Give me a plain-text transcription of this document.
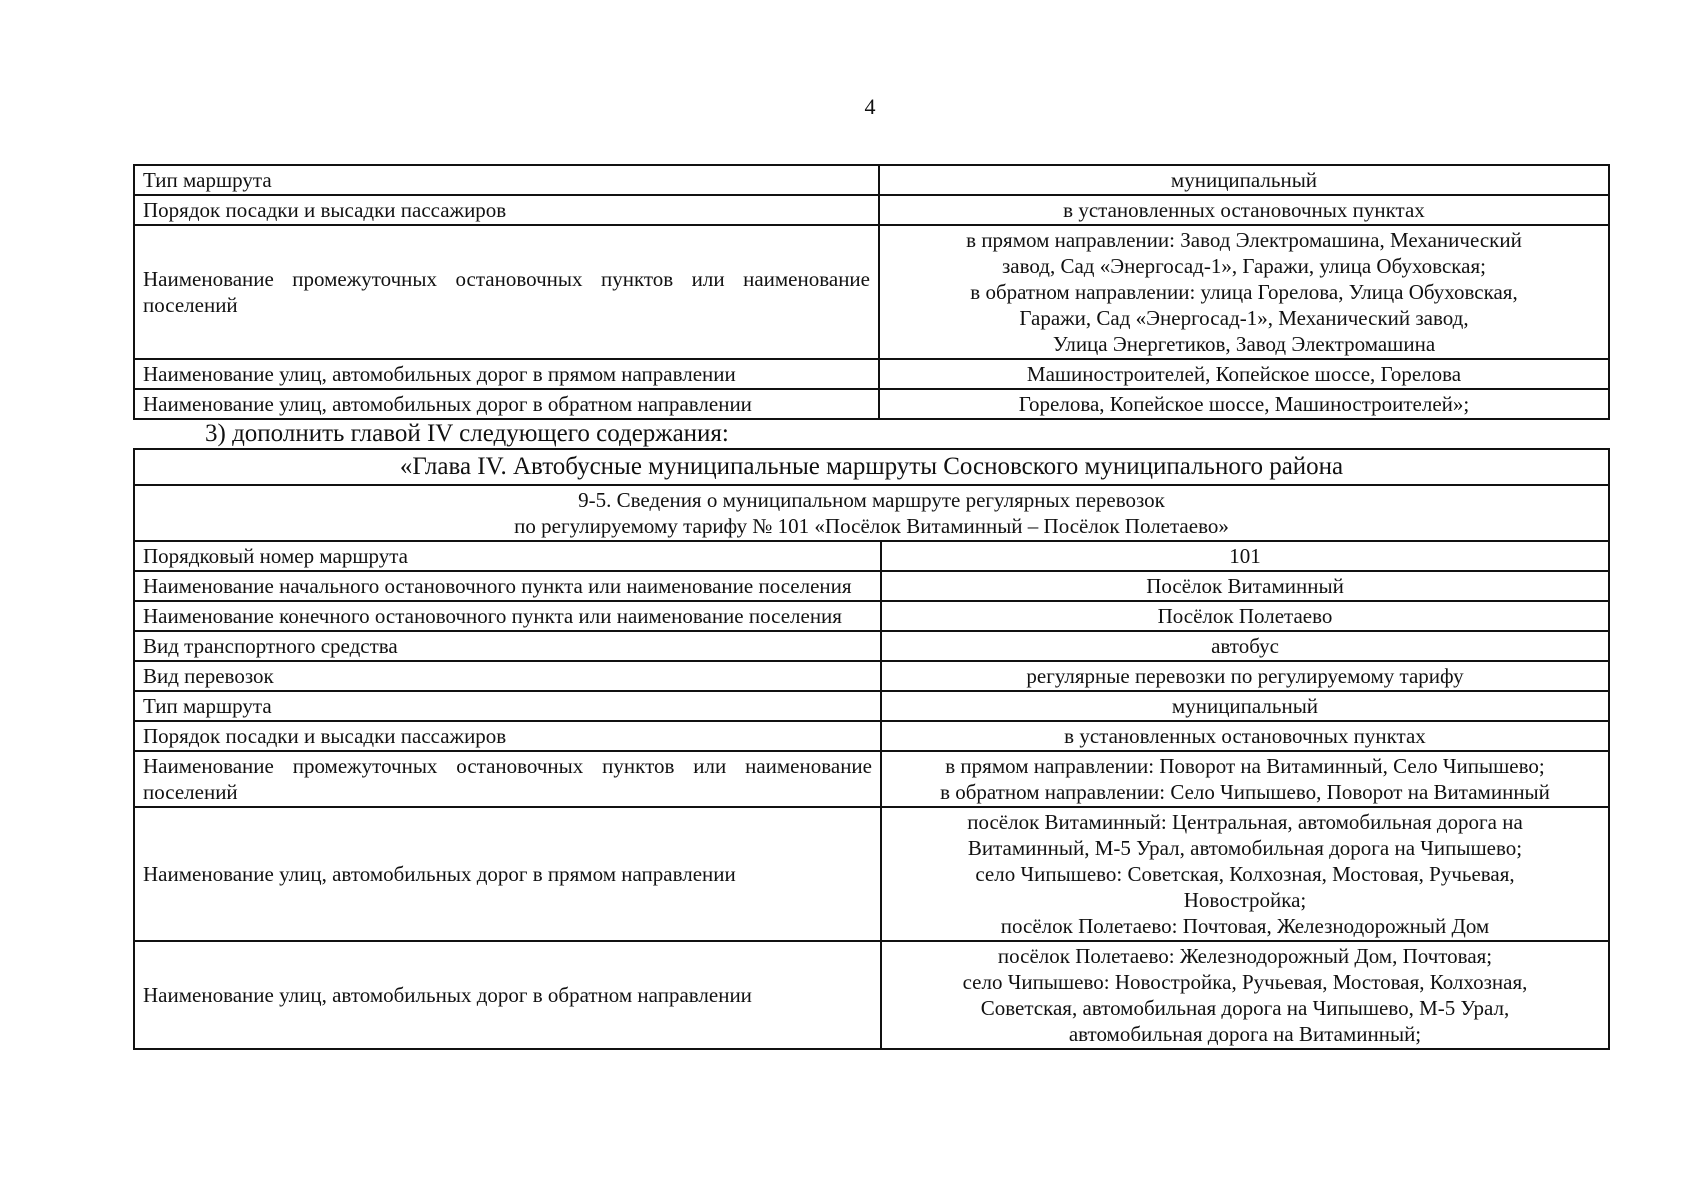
4
Тип маршрута	муниципальный

Порядок посадки и высадки пассажиров	в установленных остановочных пунктах

Наименование промежуточных остановочных пунктов или наименование поселений	в прямом направлении: Завод Электромашина, Механический
завод, Сад «Энергосад-1», Гаражи, улица Обуховская;
в обратном направлении: улица Горелова, Улица Обуховская,
Гаражи, Сад «Энергосад-1», Механический завод,
Улица Энергетиков, Завод Электромашина

Наименование улиц, автомобильных дорог в прямом направлении	Машиностроителей, Копейское шоссе, Горелова

Наименование улиц, автомобильных дорог в обратном направлении	Горелова, Копейское шоссе, Машиностроителей»;
3) дополнить главой IV следующего содержания:
«Глава IV. Автобусные муниципальные маршруты Сосновского муниципального района	

9-5. Сведения о муниципальном маршруте регулярных перевозок
по регулируемому тарифу № 101 «Посёлок Витаминный – Посёлок Полетаево»	

Порядковый номер маршрута	101

Наименование начального остановочного пункта или наименование поселения	Посёлок Витаминный

Наименование конечного остановочного пункта или наименование поселения	Посёлок Полетаево

Вид транспортного средства	автобус

Вид перевозок	регулярные перевозки по регулируемому тарифу

Тип маршрута	муниципальный

Порядок посадки и высадки пассажиров	в установленных остановочных пунктах

Наименование промежуточных остановочных пунктов или наименование поселений	в прямом направлении: Поворот на Витаминный, Село Чипышево;
в обратном направлении: Село Чипышево, Поворот на Витаминный

Наименование улиц, автомобильных дорог в прямом направлении	посёлок Витаминный: Центральная, автомобильная дорога на
Витаминный, М-5 Урал, автомобильная дорога на Чипышево;
село Чипышево: Советская, Колхозная, Мостовая, Ручьевая,
Новостройка;
посёлок Полетаево: Почтовая, Железнодорожный Дом

Наименование улиц, автомобильных дорог в обратном направлении	посёлок Полетаево: Железнодорожный Дом, Почтовая;
село Чипышево: Новостройка, Ручьевая, Мостовая, Колхозная,
Советская, автомобильная дорога на Чипышево, М-5 Урал,
автомобильная дорога на Витаминный;
